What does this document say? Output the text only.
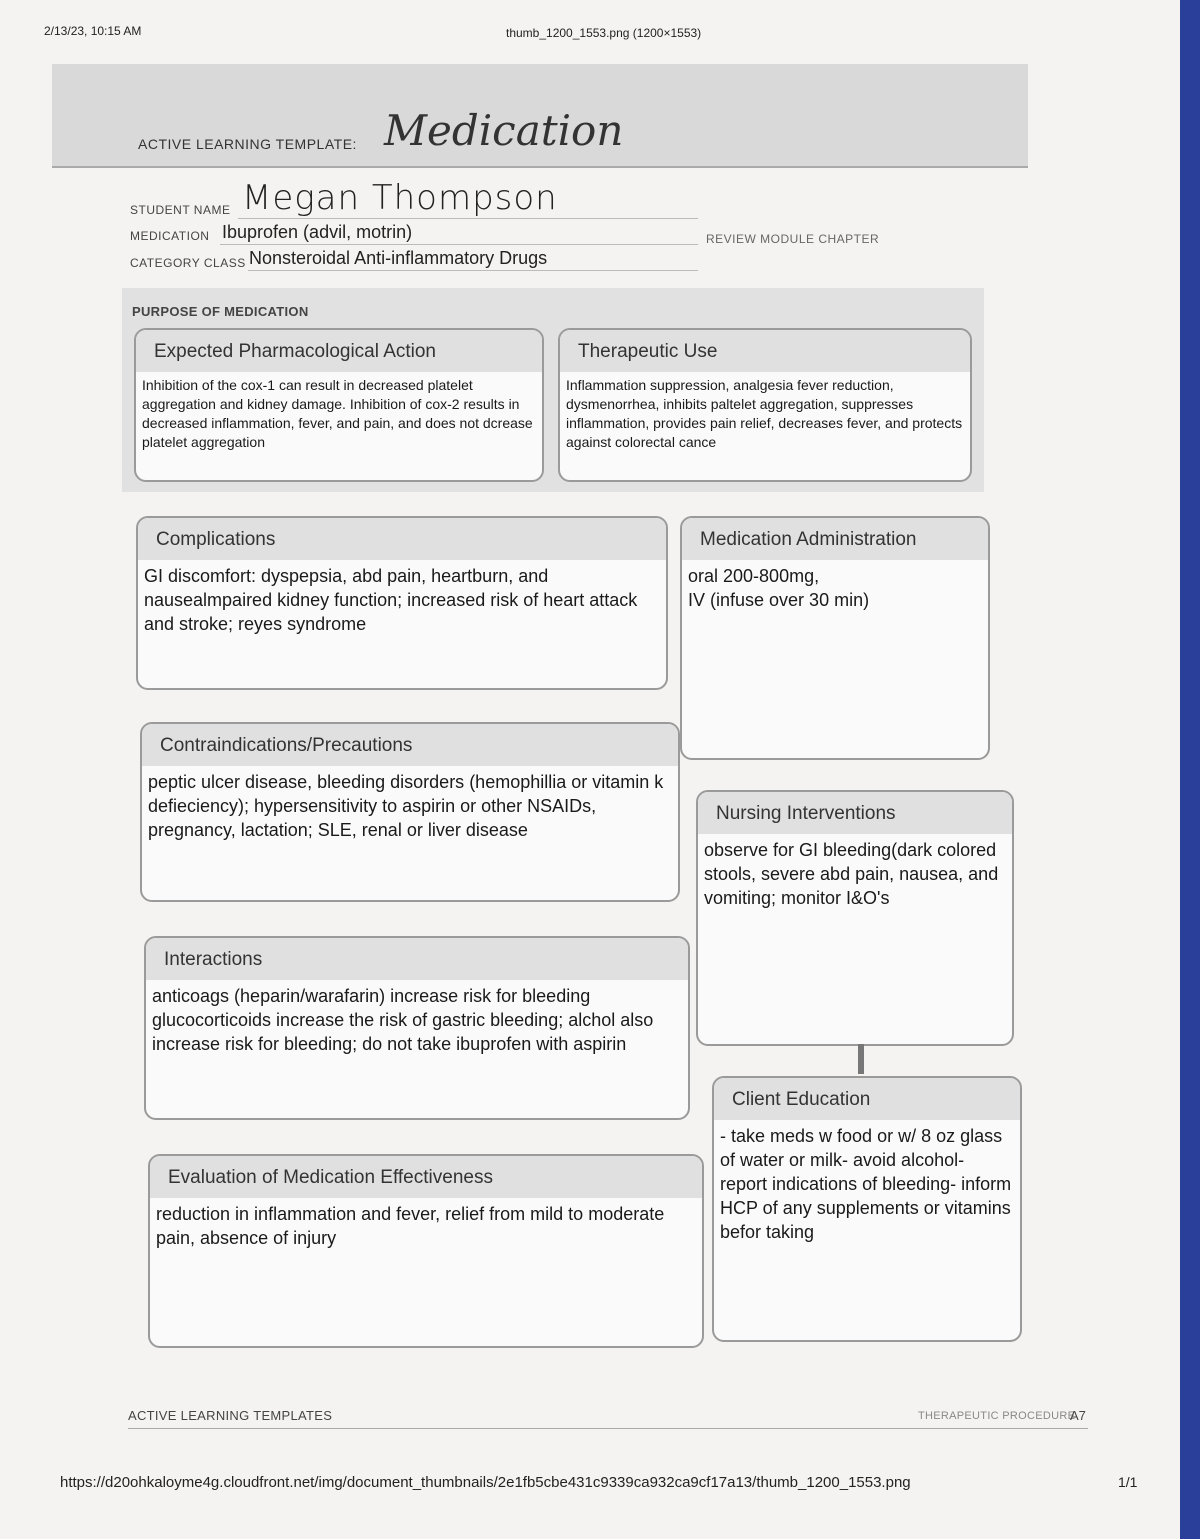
2/13/23, 10:15 AM	thumb_1200_1553.png (1200×1553)
ACTIVE LEARNING TEMPLATE: Medication
STUDENT NAME Megan Thompson
MEDICATION Ibuprofen (advil, motrin)	REVIEW MODULE CHAPTER
CATEGORY CLASS Nonsteroidal Anti-inflammatory Drugs
PURPOSE OF MEDICATION
Expected Pharmacological Action
Inhibition of the cox-1 can result in decreased platelet aggregation and kidney damage. Inhibition of cox-2 results in decreased inflammation, fever, and pain, and does not dcrease platelet aggregation
Therapeutic Use
Inflammation suppression, analgesia fever reduction, dysmenorrhea, inhibits paltelet aggregation, suppresses inflammation, provides pain relief, decreases fever, and protects against colorectal cance
Complications
GI discomfort: dyspepsia, abd pain, heartburn, and nausealmpaired kidney function; increased risk of heart attack and stroke; reyes syndrome
Medication Administration
oral 200-800mg,
IV (infuse over 30 min)
Contraindications/Precautions
peptic ulcer disease, bleeding disorders (hemophillia or vitamin k defieciency); hypersensitivity to aspirin or other NSAIDs, pregnancy, lactation; SLE, renal or liver disease
Nursing Interventions
observe for GI bleeding(dark colored stools, severe abd pain, nausea, and vomiting; monitor I&O's
Interactions
anticoags (heparin/warafarin) increase risk for bleeding glucocorticoids increase the risk of gastric bleeding; alchol also increase risk for bleeding; do not take ibuprofen with aspirin
Client Education
- take meds w food or w/ 8 oz glass of water or milk- avoid alcohol- report indications of bleeding- inform HCP of any supplements or vitamins befor taking
Evaluation of Medication Effectiveness
reduction in inflammation and fever, relief from mild to moderate pain, absence of injury
ACTIVE LEARNING TEMPLATES	THERAPEUTIC PROCEDURE
A7
https://d20ohkaloyme4g.cloudfront.net/img/document_thumbnails/2e1fb5cbe431c9339ca932ca9cf17a13/thumb_1200_1553.png	1/1
